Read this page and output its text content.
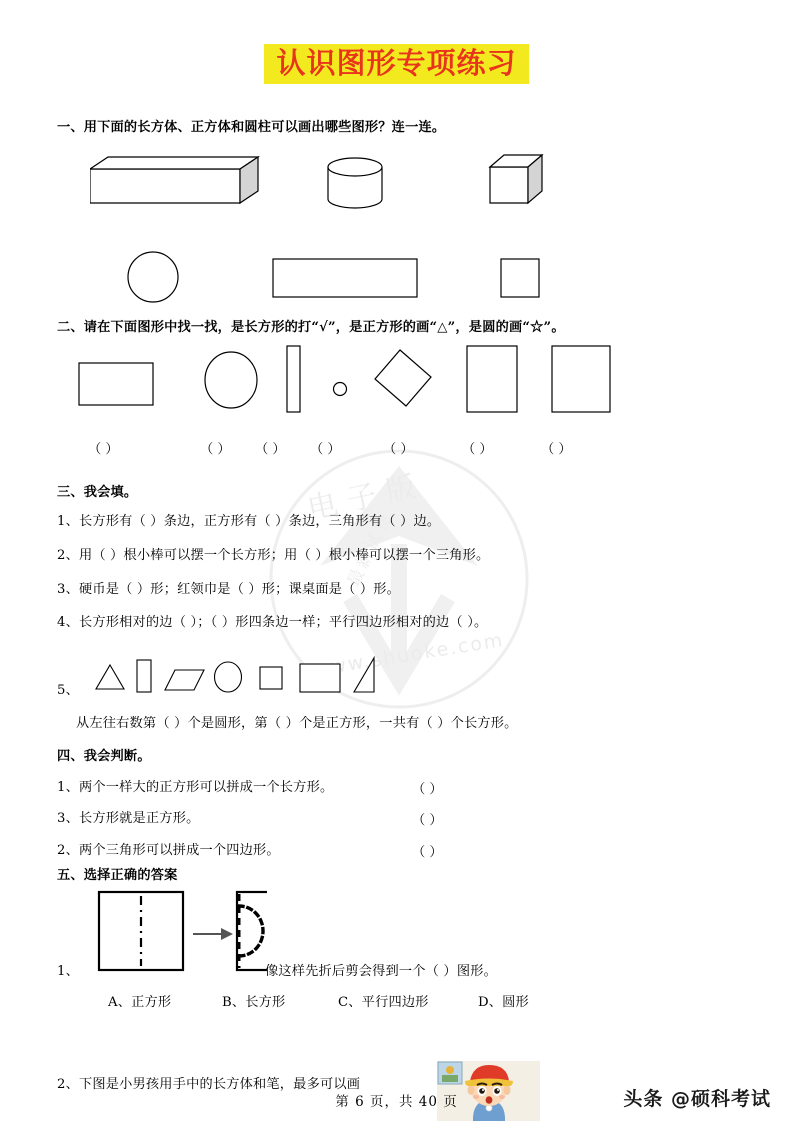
电子版
最新试卷
www.shuoke.com
认识图形专项练习
一、用下面的长方体、正方体和圆柱可以画出哪些图形？连一连。
二、请在下面图形中找一找，是长方形的打“√”，是正方形的画“△”，是圆的画“☆”。
（ ）	（ ） （ ） （ ）	（ ）	（ ）	（ ）
三、我会填。
1、长方形有（ ）条边，正方形有（ ）条边，三角形有（ ）边。
2、用（ ）根小棒可以摆一个长方形；用（ ）根小棒可以摆一个三角形。
3、硬币是（ ）形；红领巾是（ ）形；课桌面是（ ）形。
4、长方形相对的边（ ）；（ ）形四条边一样；平行四边形相对的边（ ）。
5、
从左往右数第（ ）个是圆形，第（ ）个是正方形，一共有（ ）个长方形。
四、我会判断。
1、两个一样大的正方形可以拼成一个长方形。	（ ）
3、长方形就是正方形。	（ ）
2、两个三角形可以拼成一个四边形。	（ ）
五、选择正确的答案
1、	像这样先折后剪会得到一个（ ）图形。
A、正方形	B、长方形	C、平行四边形	D、圆形
2、下图是小男孩用手中的长方体和笔，最多可以画
第 6 页，共 40 页	头条 @硕科考试
